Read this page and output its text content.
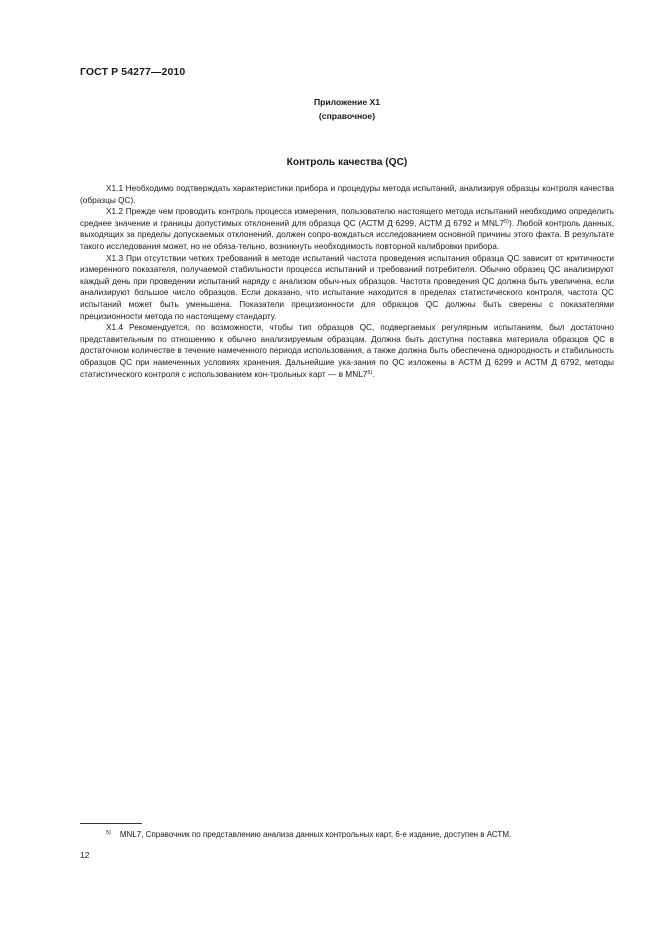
ГОСТ Р 54277—2010
Приложение Х1
(справочное)
Контроль качества (QC)

Х1.1 Необходимо подтверждать характеристики прибора и процедуры метода испытаний, анализируя образцы контроля качества (образцы QC).

Х1.2 Прежде чем проводить контроль процесса измерения, пользователю настоящего метода испытаний необходимо определить среднее значение и границы допустимых отклонений для образца QC (АСТМ Д 6299, АСТМ Д 6792 и MNL7$^{5)}$). Любой контроль данных, выходящих за пределы допускаемых отклонений, должен сопро-вождаться исследованием основной причины этого факта. В результате такого исследования может, но не обяза-тельно, возникнуть необходимость повторной калибровки прибора.

Х1.3 При отсутствии четких требований в методе испытаний частота проведения испытания образца QC зависит от критичности измеренного показателя, получаемой стабильности процесса испытаний и требований потребителя. Обычно образец QC анализируют каждый день при проведении испытаний наряду с анализом обыч-ных образцов. Частота проведения QC должна быть увеличена, если анализируют большое число образцов. Если доказано, что испытание находится в пределах статистического контроля, частота QC испытаний может быть уменьшена. Показатели прецизионности для образцов QC должны быть сверены с показателями прецизионности метода по настоящему стандарту.

Х1.4 Рекомендуется, по возможности, чтобы тип образцов QC, подвергаемых регулярным испытаниям, был достаточно представительным по отношению к обычно анализируемым образцам. Должна быть доступна поставка материала образцов QC в достаточном количестве в течение намеченного периода использования, а также должна быть обеспечена однородность и стабильность образцов QC при намеченных условиях хранения. Дальнейшие ука-зания по QC изложены в АСТМ Д 6299 и АСТМ Д 6792, методы статистического контроля с использованием кон-трольных карт — в MNL7$^{5)}$.

$^{5)}$ MNL7, Справочник по представлению анализа данных контрольных карт, 6-е издание, доступен в АСТМ.
12
